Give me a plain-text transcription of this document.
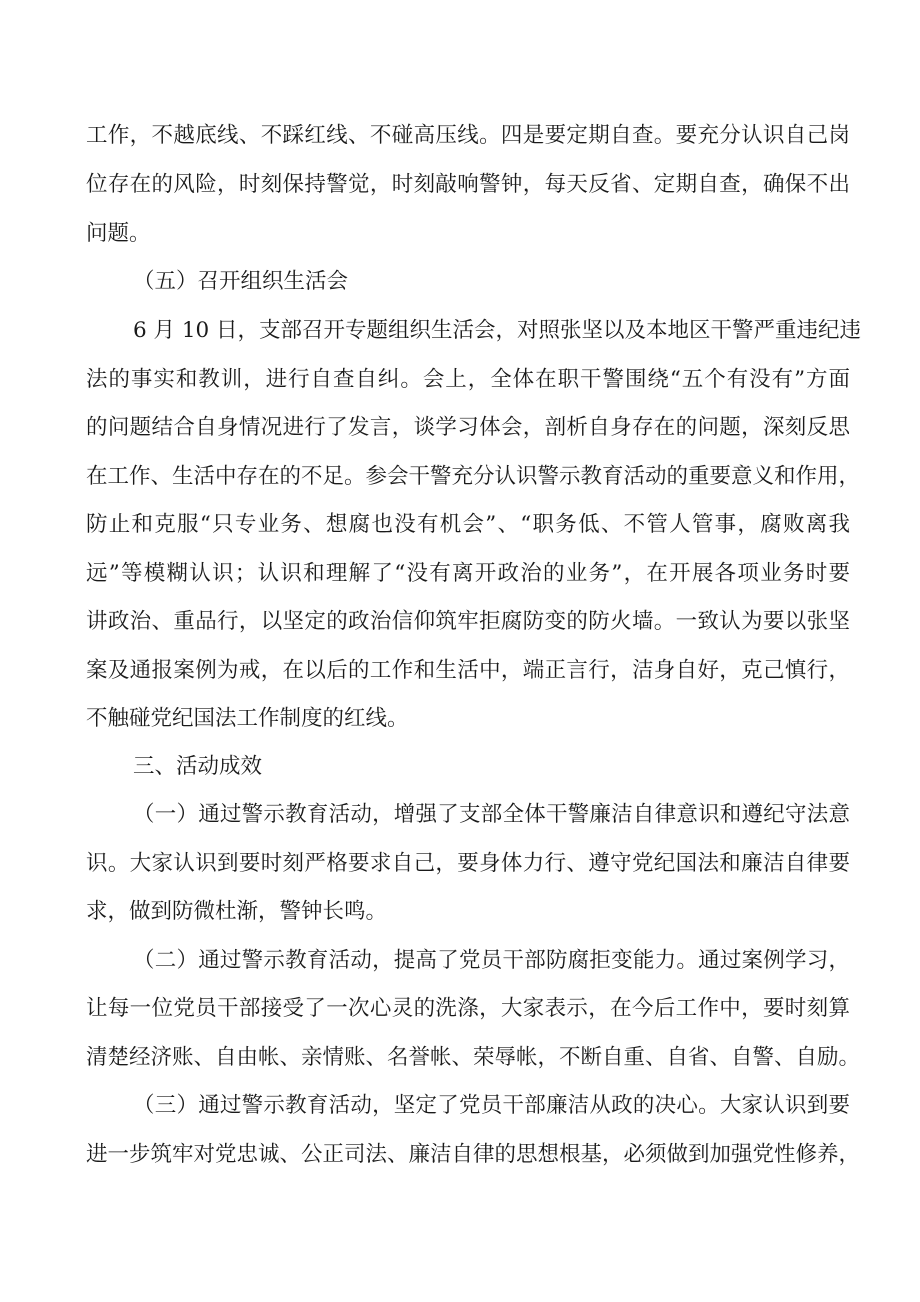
工作，不越底线、不踩红线、不碰高压线。四是要定期自查。要充分认识自己岗
位存在的风险，时刻保持警觉，时刻敲响警钟，每天反省、定期自查，确保不出
问题。
（五）召开组织生活会
6 月 10 日，支部召开专题组织生活会，对照张坚以及本地区干警严重违纪违
法的事实和教训，进行自查自纠。会上，全体在职干警围绕“五个有没有”方面
的问题结合自身情况进行了发言，谈学习体会，剖析自身存在的问题，深刻反思
在工作、生活中存在的不足。参会干警充分认识警示教育活动的重要意义和作用，
防止和克服“只专业务、想腐也没有机会”、“职务低、不管人管事，腐败离我
远”等模糊认识；认识和理解了“没有离开政治的业务”，在开展各项业务时要
讲政治、重品行，以坚定的政治信仰筑牢拒腐防变的防火墙。一致认为要以张坚
案及通报案例为戒，在以后的工作和生活中，端正言行，洁身自好，克己慎行，
不触碰党纪国法工作制度的红线。
三、活动成效
（一）通过警示教育活动，增强了支部全体干警廉洁自律意识和遵纪守法意
识。大家认识到要时刻严格要求自己，要身体力行、遵守党纪国法和廉洁自律要
求，做到防微杜渐，警钟长鸣。
（二）通过警示教育活动，提高了党员干部防腐拒变能力。通过案例学习，
让每一位党员干部接受了一次心灵的洗涤，大家表示，在今后工作中，要时刻算
清楚经济账、自由帐、亲情账、名誉帐、荣辱帐，不断自重、自省、自警、自励。
（三）通过警示教育活动，坚定了党员干部廉洁从政的决心。大家认识到要
进一步筑牢对党忠诚、公正司法、廉洁自律的思想根基，必须做到加强党性修养，
